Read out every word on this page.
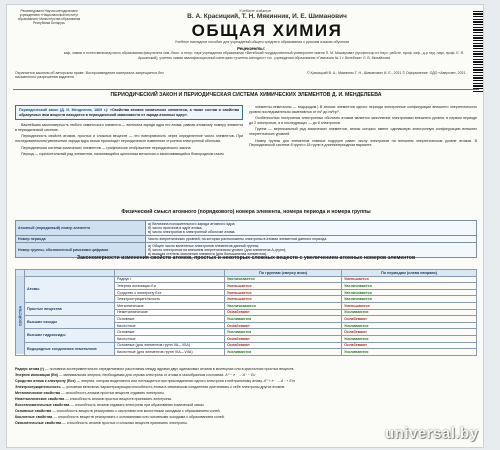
Рекомендовано Научно-методическим учреждением «Национальный институт образования» Министерства образования Республики Беларусь
Учебное издание
В. А. Красицкий, Т. Н. Мякинник, И. Е. Шиманович
ОБЩАЯ ХИМИЯ
Учебное наглядное пособие для учреждений общего среднего образования с русским языком обучения
Рецензенты:
каф. химии и естественнонаучного образования факультета хим.-биол. и геогр. наук учреждения образования «Витебский государственный университет имени П. М. Машерова» (профессор по науч. работе, проф. каф., д-р пед. наук, проф. Е. Я. Аршанский); учитель химии квалификационной категории «учитель-методист» гос. учреждения образования «Гимназия № 1 г. Витебска» Л. В. Михайлова
Охраняется законом об авторском праве. Воспроизведение материала запрещается без письменного разрешения издателя
© Красицкий В. А., Мякинник Т. Н., Шиманович И. Е., 2021 © Оформление. ОДО «Аверсэв», 2021
ПЕРИОДИЧЕСКИЙ ЗАКОН И ПЕРИОДИЧЕСКАЯ СИСТЕМА ХИМИЧЕСКИХ ЭЛЕМЕНТОВ Д. И. МЕНДЕЛЕЕВА
Периодический закон (Д. И. Менделеев, 1869 г.): «Свойства атомов химических элементов, а также состав и свойства образуемых ими веществ находятся в периодической зависимости от заряда атомных ядер».

Важнейшая закономерность любого химического элемента — величина заряда ядра его атома, равная атомному номеру элемента в периодической системе.

Периодичность свойств атомов, простых и сложных веществ — это повторяемость через определенное число элементов. При последовательном увеличении заряда ядра атома происходит периодическое изменение строения электронной оболочки.

Периодическая система химических элементов — графическое отображение периодического закона.

Период — горизонтальный ряд элементов, начинающийся щелочным металлом и заканчивающийся благородным газом.

элементы-неметаллы — водородом.) В атомах элементов одного периода электронные конфигурации внешнего энергетического уровня последовательно изменяются от ns¹ до ns²np⁶.

Особенностью построения электронных оболочек атомов является заполнение электронами внешнего уровня: в первом периоде до 2 электронов, а в последующих — до 8 электронов.

Группа — вертикальный ряд химических элементов, атомы которых имеют одинаковую электронную конфигурацию внешних энергетических уровней.

Номер группы для элементов главных подгрупп равен числу электронов на внешнем энергетическом уровне атомов. В Периодической системе 8 групп и 18 групп в длиннопериодном варианте.

Физический смысл атомного (порядкового) номера элемента, номера периода и номера группы
Атомный (порядковый) номер элемента	а) Величина положительного заряда атомного ядра;
б) число протонов в ядре атома;
в) число электронов в электронной оболочке атома.

Номер периода	Число энергетических уровней, на которых расположены электроны в атомах элементов данного периода.

Номер группы, обозначенный римскими цифрами	а) Общее число валентных электронов элементов данной группы;
б) число электронов на внешнем энергетическом уровне (для элементов А-групп);
в) высшая степень окисления элемента (для большинства элементов).
Закономерности изменения свойств атомов, простых и некоторых сложных веществ с увеличением атомных номеров элементов
			По группам (сверху вниз)	По периодам (слева направо)
СВОЙСТВА	Атомы	Радиус r	Увеличивается	Уменьшается
		Энергия ионизации Eи	Уменьшается	Увеличивается
		Сродство к электрону Eсх	Уменьшается	Увеличивается
		Электроотрицательность	Уменьшается	Увеличивается
	Простые вещества	Металлические	Увеличиваются	Уменьшаются
		Неметаллические	Ослабевают	Усиливаются
	Высшие оксиды	Основные	Усиливаются	Ослабевают
		Кислотные	Ослабевают	Усиливаются
	Высшие гидроксиды	Основные	Усиливаются	Ослабевают
		Кислотные	Ослабевают	Усиливаются
	Водородные соединения неметаллов	Основные (для элементов групп VA—VIIA)	Ослабевают	Ослабевают
		Кислотные (для элементов групп VIA—VIIA)	Усиливаются	Усиливаются

Радиус атома (r) — половина экспериментально определяемого расстояния между ядрами двух одинаковых атомов в молекулах или в кристаллах простых веществ.

Энергия ионизации (Eи) — минимальная энергия, необходимая для отрыва электрона от атома в газообразном состоянии. A⁰ − e⁻ → A⁺ − Eи

Сродство атома к электрону (Eсх) — энергия, которая выделяется или поглощается при присоединении одного электрона к нейтральному атому. A⁰ + e⁻ → A⁻ + Eсх

Электроотрицательность — условная величина, характеризующая способность атома в химическом соединении притягивать к себе электроны других атомов.

Металлические свойства — способность атомов простых веществ отдавать электроны.

Неметаллические свойства — способность атомов простых веществ принимать электроны.

Восстановительные свойства — способность атомов отдавать электроны при образовании химической связи.

Основные свойства — способность веществ реагировать с кислотами или кислотными оксидами с образованием солей.

Кислотные свойства — способность веществ реагировать с основаниями или основными оксидами с образованием солей.

Окислительные свойства — способность атомов простых и сложных веществ принимать электроны.

universal.by
